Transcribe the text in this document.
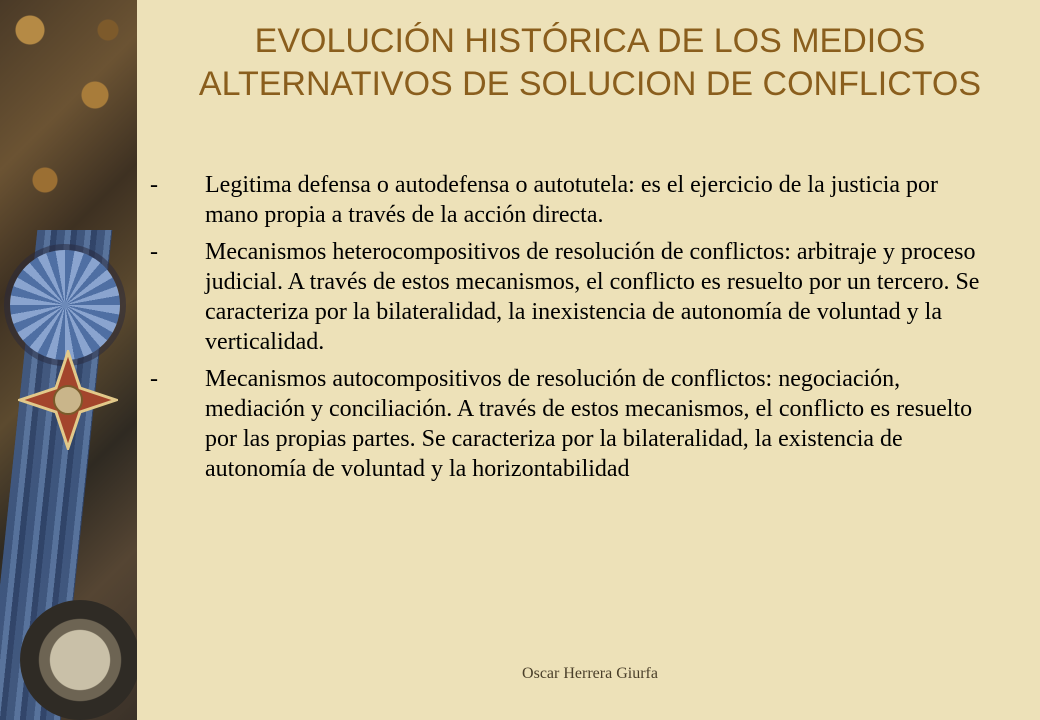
EVOLUCIÓN HISTÓRICA DE LOS MEDIOS ALTERNATIVOS DE SOLUCION DE CONFLICTOS
- Legitima defensa o autodefensa o autotutela: es el ejercicio de la justicia por mano propia a través de la acción directa.
- Mecanismos heterocompositivos de resolución de conflictos: arbitraje y proceso judicial. A través de estos mecanismos, el conflicto es resuelto por un tercero. Se caracteriza por la bilateralidad, la inexistencia de autonomía de voluntad y la verticalidad.
- Mecanismos autocompositivos de resolución de conflictos: negociación, mediación y conciliación. A través de estos mecanismos, el conflicto es resuelto por las propias partes. Se caracteriza por la bilateralidad, la existencia de autonomía de voluntad y la horizontabilidad
Oscar Herrera Giurfa
